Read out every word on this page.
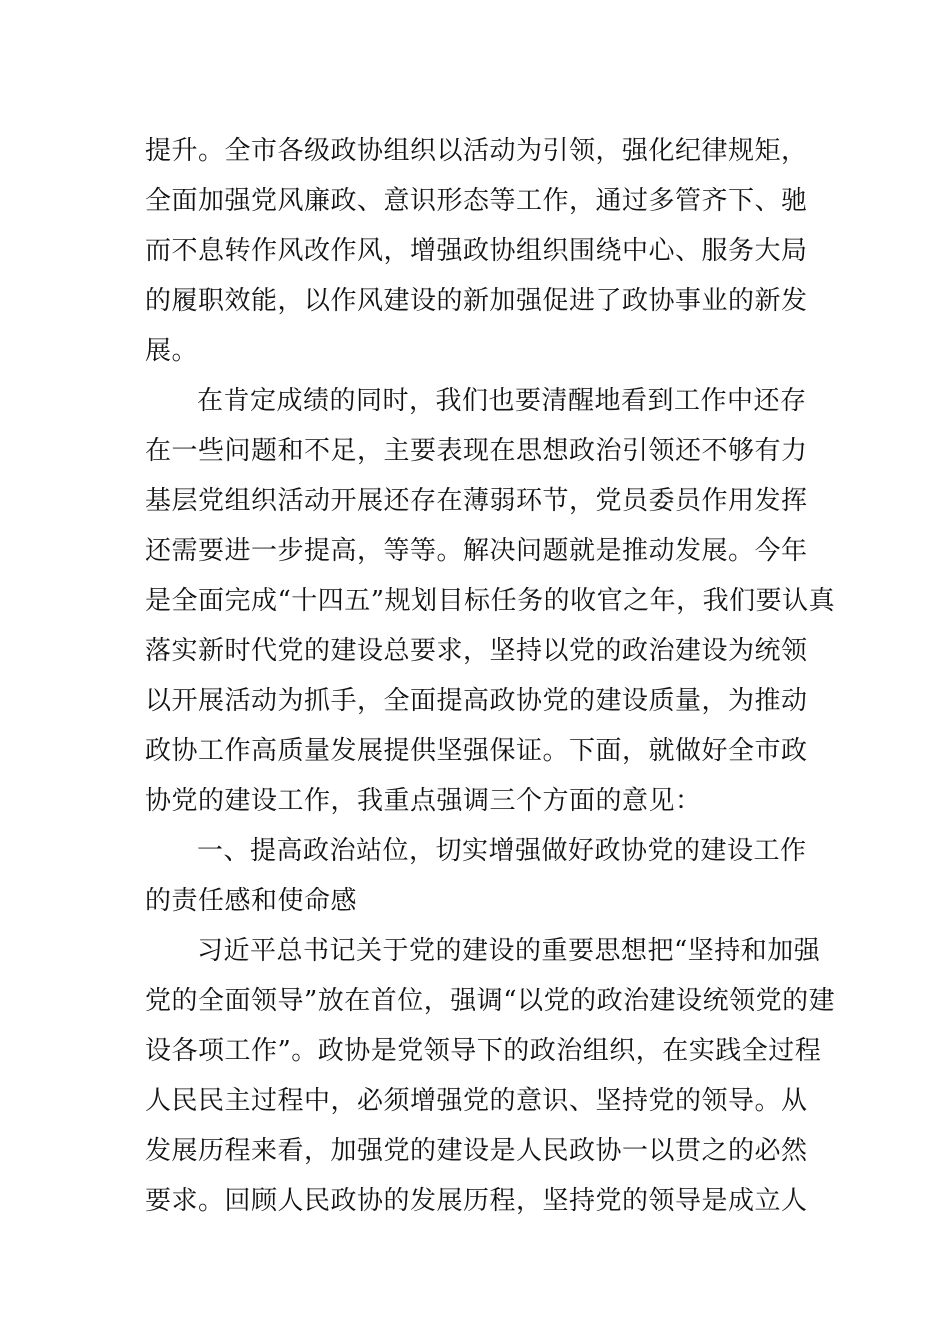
提升。全市各级政协组织以活动为引领，强化纪律规矩，
全面加强党风廉政、意识形态等工作，通过多管齐下、驰
而不息转作风改作风，增强政协组织围绕中心、服务大局
的履职效能，以作风建设的新加强促进了政协事业的新发
展。
在肯定成绩的同时，我们也要清醒地看到工作中还存
在一些问题和不足，主要表现在思想政治引领还不够有力
基层党组织活动开展还存在薄弱环节，党员委员作用发挥
还需要进一步提高，等等。解决问题就是推动发展。今年
是全面完成“十四五”规划目标任务的收官之年，我们要认真
落实新时代党的建设总要求，坚持以党的政治建设为统领
以开展活动为抓手，全面提高政协党的建设质量，为推动
政协工作高质量发展提供坚强保证。下面，就做好全市政
协党的建设工作，我重点强调三个方面的意见：
一、提高政治站位，切实增强做好政协党的建设工作
的责任感和使命感
习近平总书记关于党的建设的重要思想把“坚持和加强
党的全面领导”放在首位，强调“以党的政治建设统领党的建
设各项工作”。政协是党领导下的政治组织，在实践全过程
人民民主过程中，必须增强党的意识、坚持党的领导。从
发展历程来看，加强党的建设是人民政协一以贯之的必然
要求。回顾人民政协的发展历程，坚持党的领导是成立人
